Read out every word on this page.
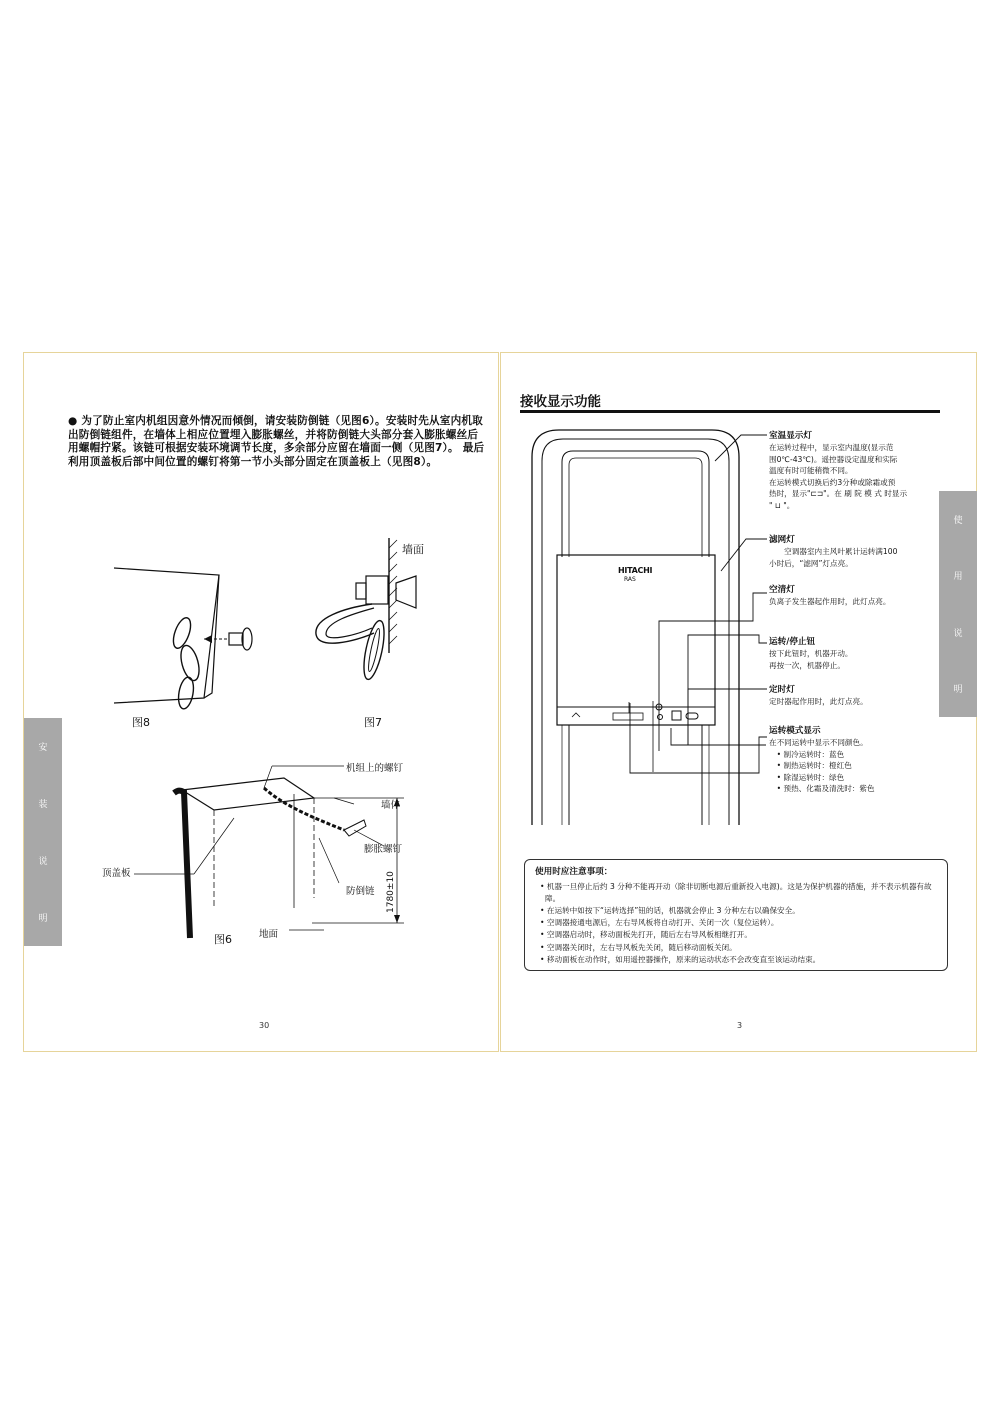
● 为了防止室内机组因意外情况而倾倒，请安装防倒链（见图6）。安装时先从室内机取出防倒链组件，在墙体上相应位置埋入膨胀螺丝，并将防倒链大头部分套入膨胀螺丝后用螺帽拧紧。该链可根据安装环境调节长度，多余部分应留在墙面一侧（见图7）。 最后利用顶盖板后部中间位置的螺钉将第一节小头部分固定在顶盖板上（见图8）。
图8
墙面
图7
机组上的螺钉
墙体
膨胀螺钉
顶盖板
防倒链 1780±10
地面
图6
安
装
说
明
30
接收显示功能
HITACHI
RAS
室温显示灯
在运转过程中，显示室内温度(显示范
围0℃-43℃)。遥控器设定温度和实际
温度有时可能稍微不同。
在运转模式切换后约3分种或除霜或预
热时，显示"⊏⊐"。在 刷 院 模 式 时显示
" ⊔ "。
滤网灯
　　空调器室内主风叶累计运转满100
小时后，“滤网”灯点亮。
空清灯
负离子发生器起作用时，此灯点亮。
运转/停止钮
按下此钮时，机器开动。
再按一次，机器停止。
定时灯
定时器起作用时，此灯点亮。
运转模式显示
在不同运转中显示不同颜色。
　• 制冷运转时：蓝色
　• 制热运转时：橙红色
　• 除湿运转时：绿色
　• 预热、化霜及清洗时：紫色
使用时应注意事项：
• 机器一旦停止后约 3 分种不能再开动（除非切断电源后重新投入电源)。这是为保护机器的措施，并不表示机器有故障。
• 在运转中如按下“运转选择”钮的话，机器就会停止 3 分种左右以确保安全。
• 空调器接通电源后，左右导风板将自动打开、关闭一次（复位运转）。
• 空调器启动时，移动面板先打开，随后左右导风板相继打开。
• 空调器关闭时，左右导风板先关闭，随后移动面板关闭。
• 移动面板在动作时，如用遥控器操作，原来的运动状态不会改变直至该运动结束。
使
用
说
明
3
